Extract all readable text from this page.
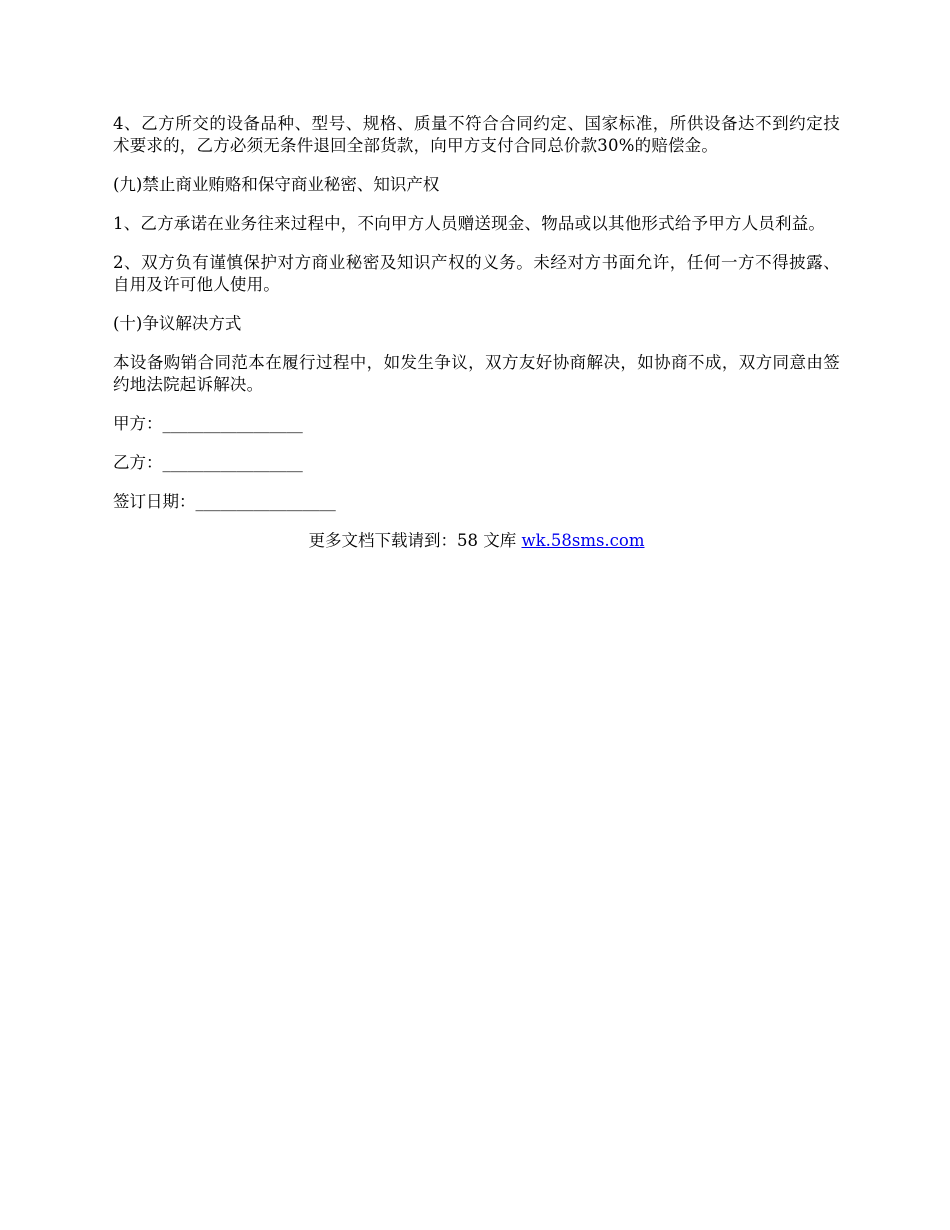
4、乙方所交的设备品种、型号、规格、质量不符合合同约定、国家标准，所供设备达不到约定技术要求的，乙方必须无条件退回全部货款，向甲方支付合同总价款30%的赔偿金。

(九)禁止商业贿赂和保守商业秘密、知识产权

1、乙方承诺在业务往来过程中，不向甲方人员赠送现金、物品或以其他形式给予甲方人员利益。

2、双方负有谨慎保护对方商业秘密及知识产权的义务。未经对方书面允许，任何一方不得披露、自用及许可他人使用。

(十)争议解决方式

本设备购销合同范本在履行过程中，如发生争议，双方友好协商解决，如协商不成，双方同意由签约地法院起诉解决。

甲方：_________________

乙方：_________________

签订日期：_________________

更多文档下载请到：58 文库 wk.58sms.com
